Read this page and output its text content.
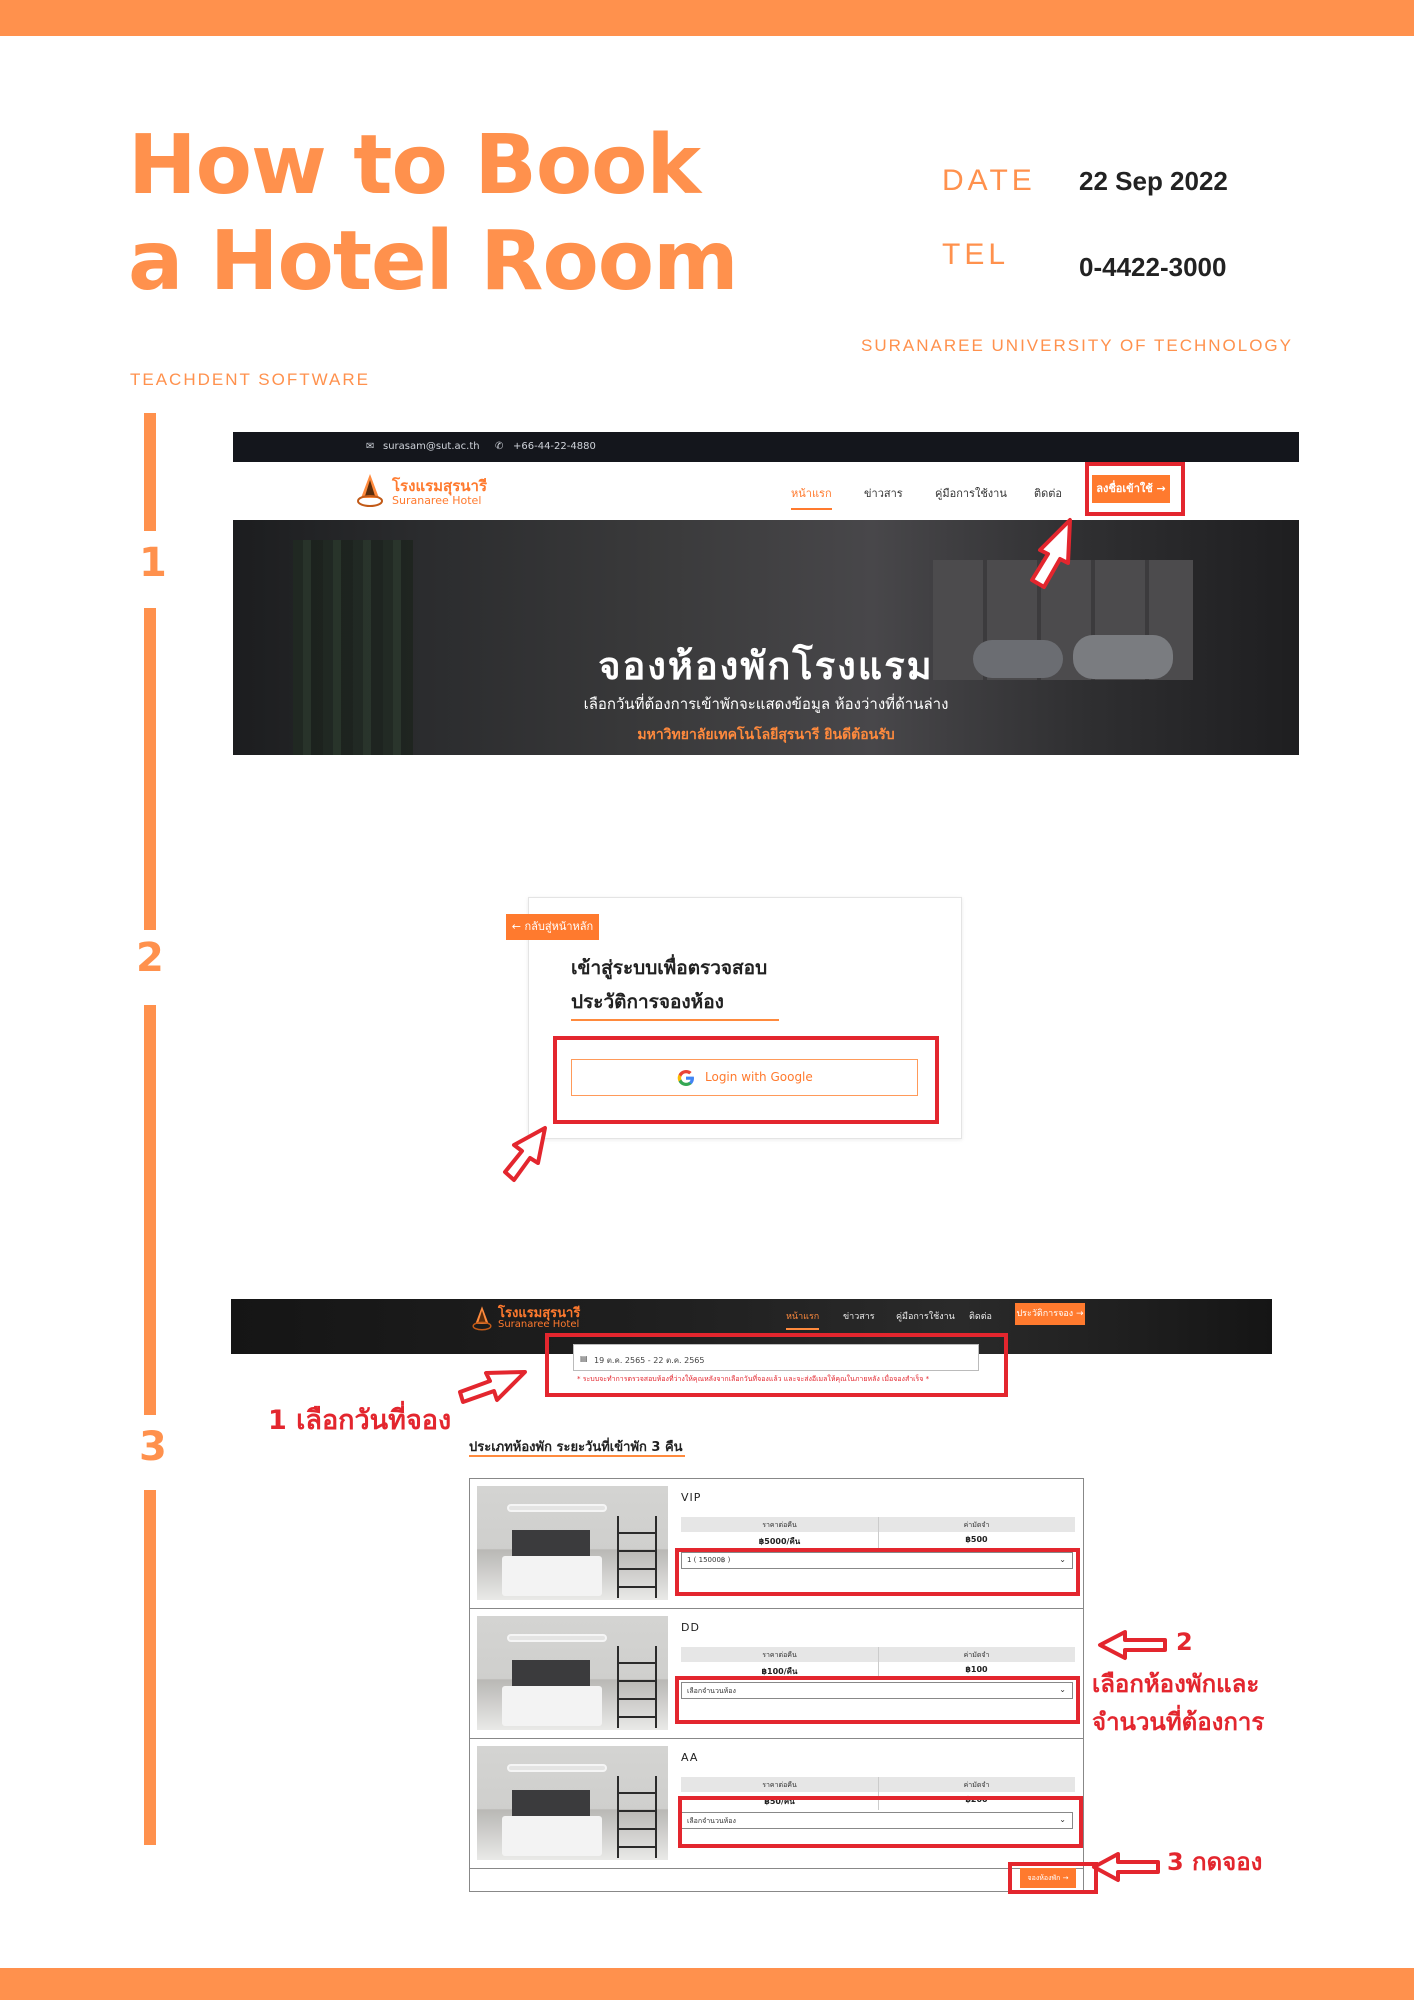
How to Book
a Hotel Room
DATE 22 Sep 2022
TEL	0-4422-3000
SURANAREE UNIVERSITY OF TECHNOLOGY
TEACHDENT SOFTWARE
1
2
3
✉ surasam@sut.ac.th ✆ +66-44-22-4880
โรงแรมสุรนารี
Suranaree Hotel
หน้าแรก	ข่าวสาร	คู่มือการใช้งาน ติดต่อ	ลงชื่อเข้าใช้ →
จองห้องพักโรงแรม
เลือกวันที่ต้องการเข้าพักจะแสดงข้อมูล ห้องว่างที่ด้านล่าง
มหาวิทยาลัยเทคโนโลยีสุรนารี ยินดีต้อนรับ
← กลับสู่หน้าหลัก
เข้าสู่ระบบเพื่อตรวจสอบ
ประวัติการจองห้อง
Login with Google
โรงแรมสุรนารี
Suranaree Hotel
หน้าแรก	ข่าวสาร คู่มือการใช้งาน ติดต่อ	ประวัติการจอง →
▤ 19 ต.ค. 2565 - 22 ต.ค. 2565
* ระบบจะทำการตรวจสอบห้องที่ว่างให้คุณหลังจากเลือกวันที่จองแล้ว และจะส่งอีเมลให้คุณในภายหลัง เมื่อจองสำเร็จ *
1 เลือกวันที่จอง
ประเภทห้องพัก ระยะวันที่เข้าพัก 3 คืน
VIP
ราคาต่อคืน	ค่ามัดจำ
฿5000/คืน	฿500
1 ( 15000฿ )	⌄
DD
ราคาต่อคืน	ค่ามัดจำ
฿100/คืน	฿100
เลือกจำนวนห้อง	⌄
AA
ราคาต่อคืน	ค่ามัดจำ
฿50/คืน	฿200
เลือกจำนวนห้อง	⌄
จองห้องพัก →
2
เลือกห้องพักและ
จำนวนที่ต้องการ
3 กดจอง
